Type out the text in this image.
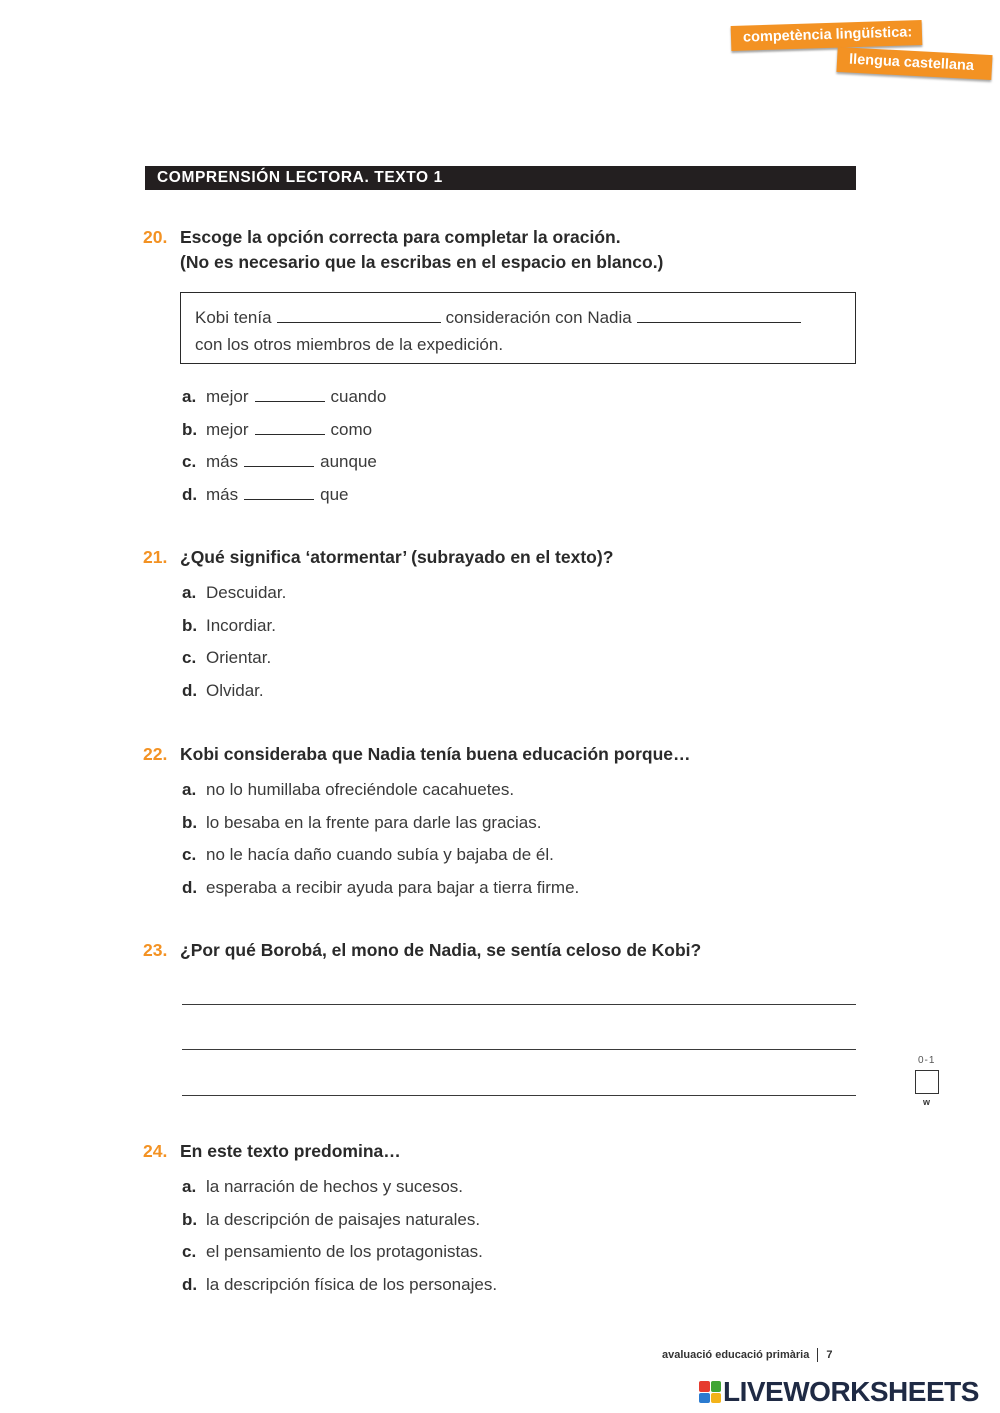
competència lingüística:
llengua castellana
COMPRENSIÓN LECTORA. TEXTO 1
20. Escoge la opción correcta para completar la oración.
(No es necesario que la escribas en el espacio en blanco.)
Kobi tenía	consideración con Nadia
con los otros miembros de la expedición.
a. mejor	cuando
b. mejor	como
c. más	aunque
d. más	que
21. ¿Qué significa ‘atormentar’ (subrayado en el texto)?
a. Descuidar.
b. Incordiar.
c. Orientar.
d. Olvidar.
22. Kobi consideraba que Nadia tenía buena educación porque…
a. no lo humillaba ofreciéndole cacahuetes.
b. lo besaba en la frente para darle las gracias.
c. no le hacía daño cuando subía y bajaba de él.
d. esperaba a recibir ayuda para bajar a tierra firme.
23. ¿Por qué Borobá, el mono de Nadia, se sentía celoso de Kobi?
0-1
w
24. En este texto predomina…
a. la narración de hechos y sucesos.
b. la descripción de paisajes naturales.
c. el pensamiento de los protagonistas.
d. la descripción física de los personajes.
avaluació educació primària 7
LIVEWORKSHEETS
